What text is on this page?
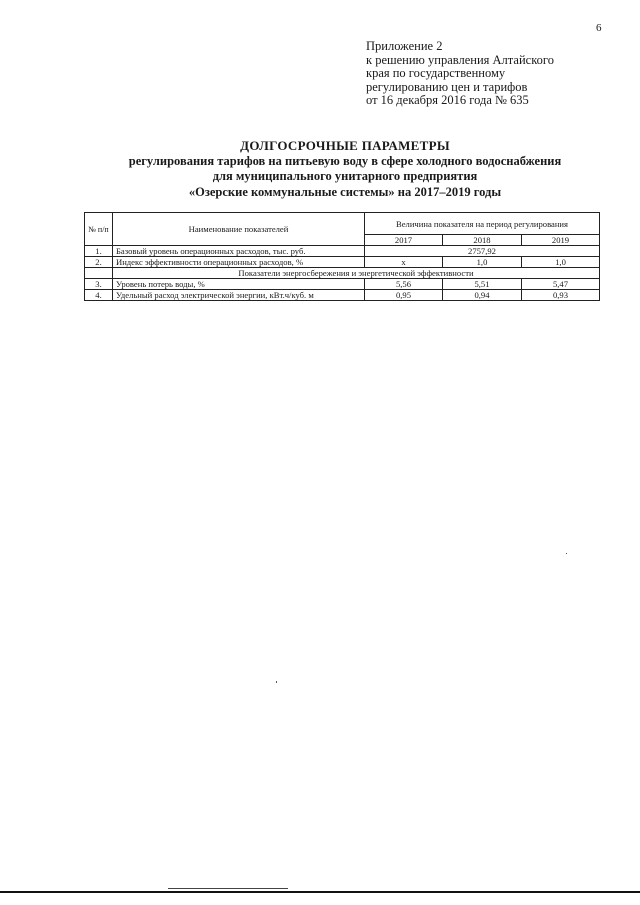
6
Приложение 2
к решению управления Алтайского
края по государственному
регулированию цен и тарифов
от 16 декабря 2016 года № 635
ДОЛГОСРОЧНЫЕ ПАРАМЕТРЫ
регулирования тарифов на питьевую воду в сфере холодного водоснабжения
для муниципального унитарного предприятия
«Озерские коммунальные системы» на 2017–2019 годы
№ п/п	Наименование показателей	Величина показателя на период регулирования		
		2017	2018	2019
1.	Базовый уровень операционных расходов, тыс. руб.	2757,92		
2.	Индекс эффективности операционных расходов, %	x	1,0	1,0
	Показатели энергосбережения и энергетической эффективности			
3.	Уровень потерь воды, %	5,56	5,51	5,47
4.	Удельный расход электрической энергии, кВт.ч/куб. м	0,95	0,94	0,93
